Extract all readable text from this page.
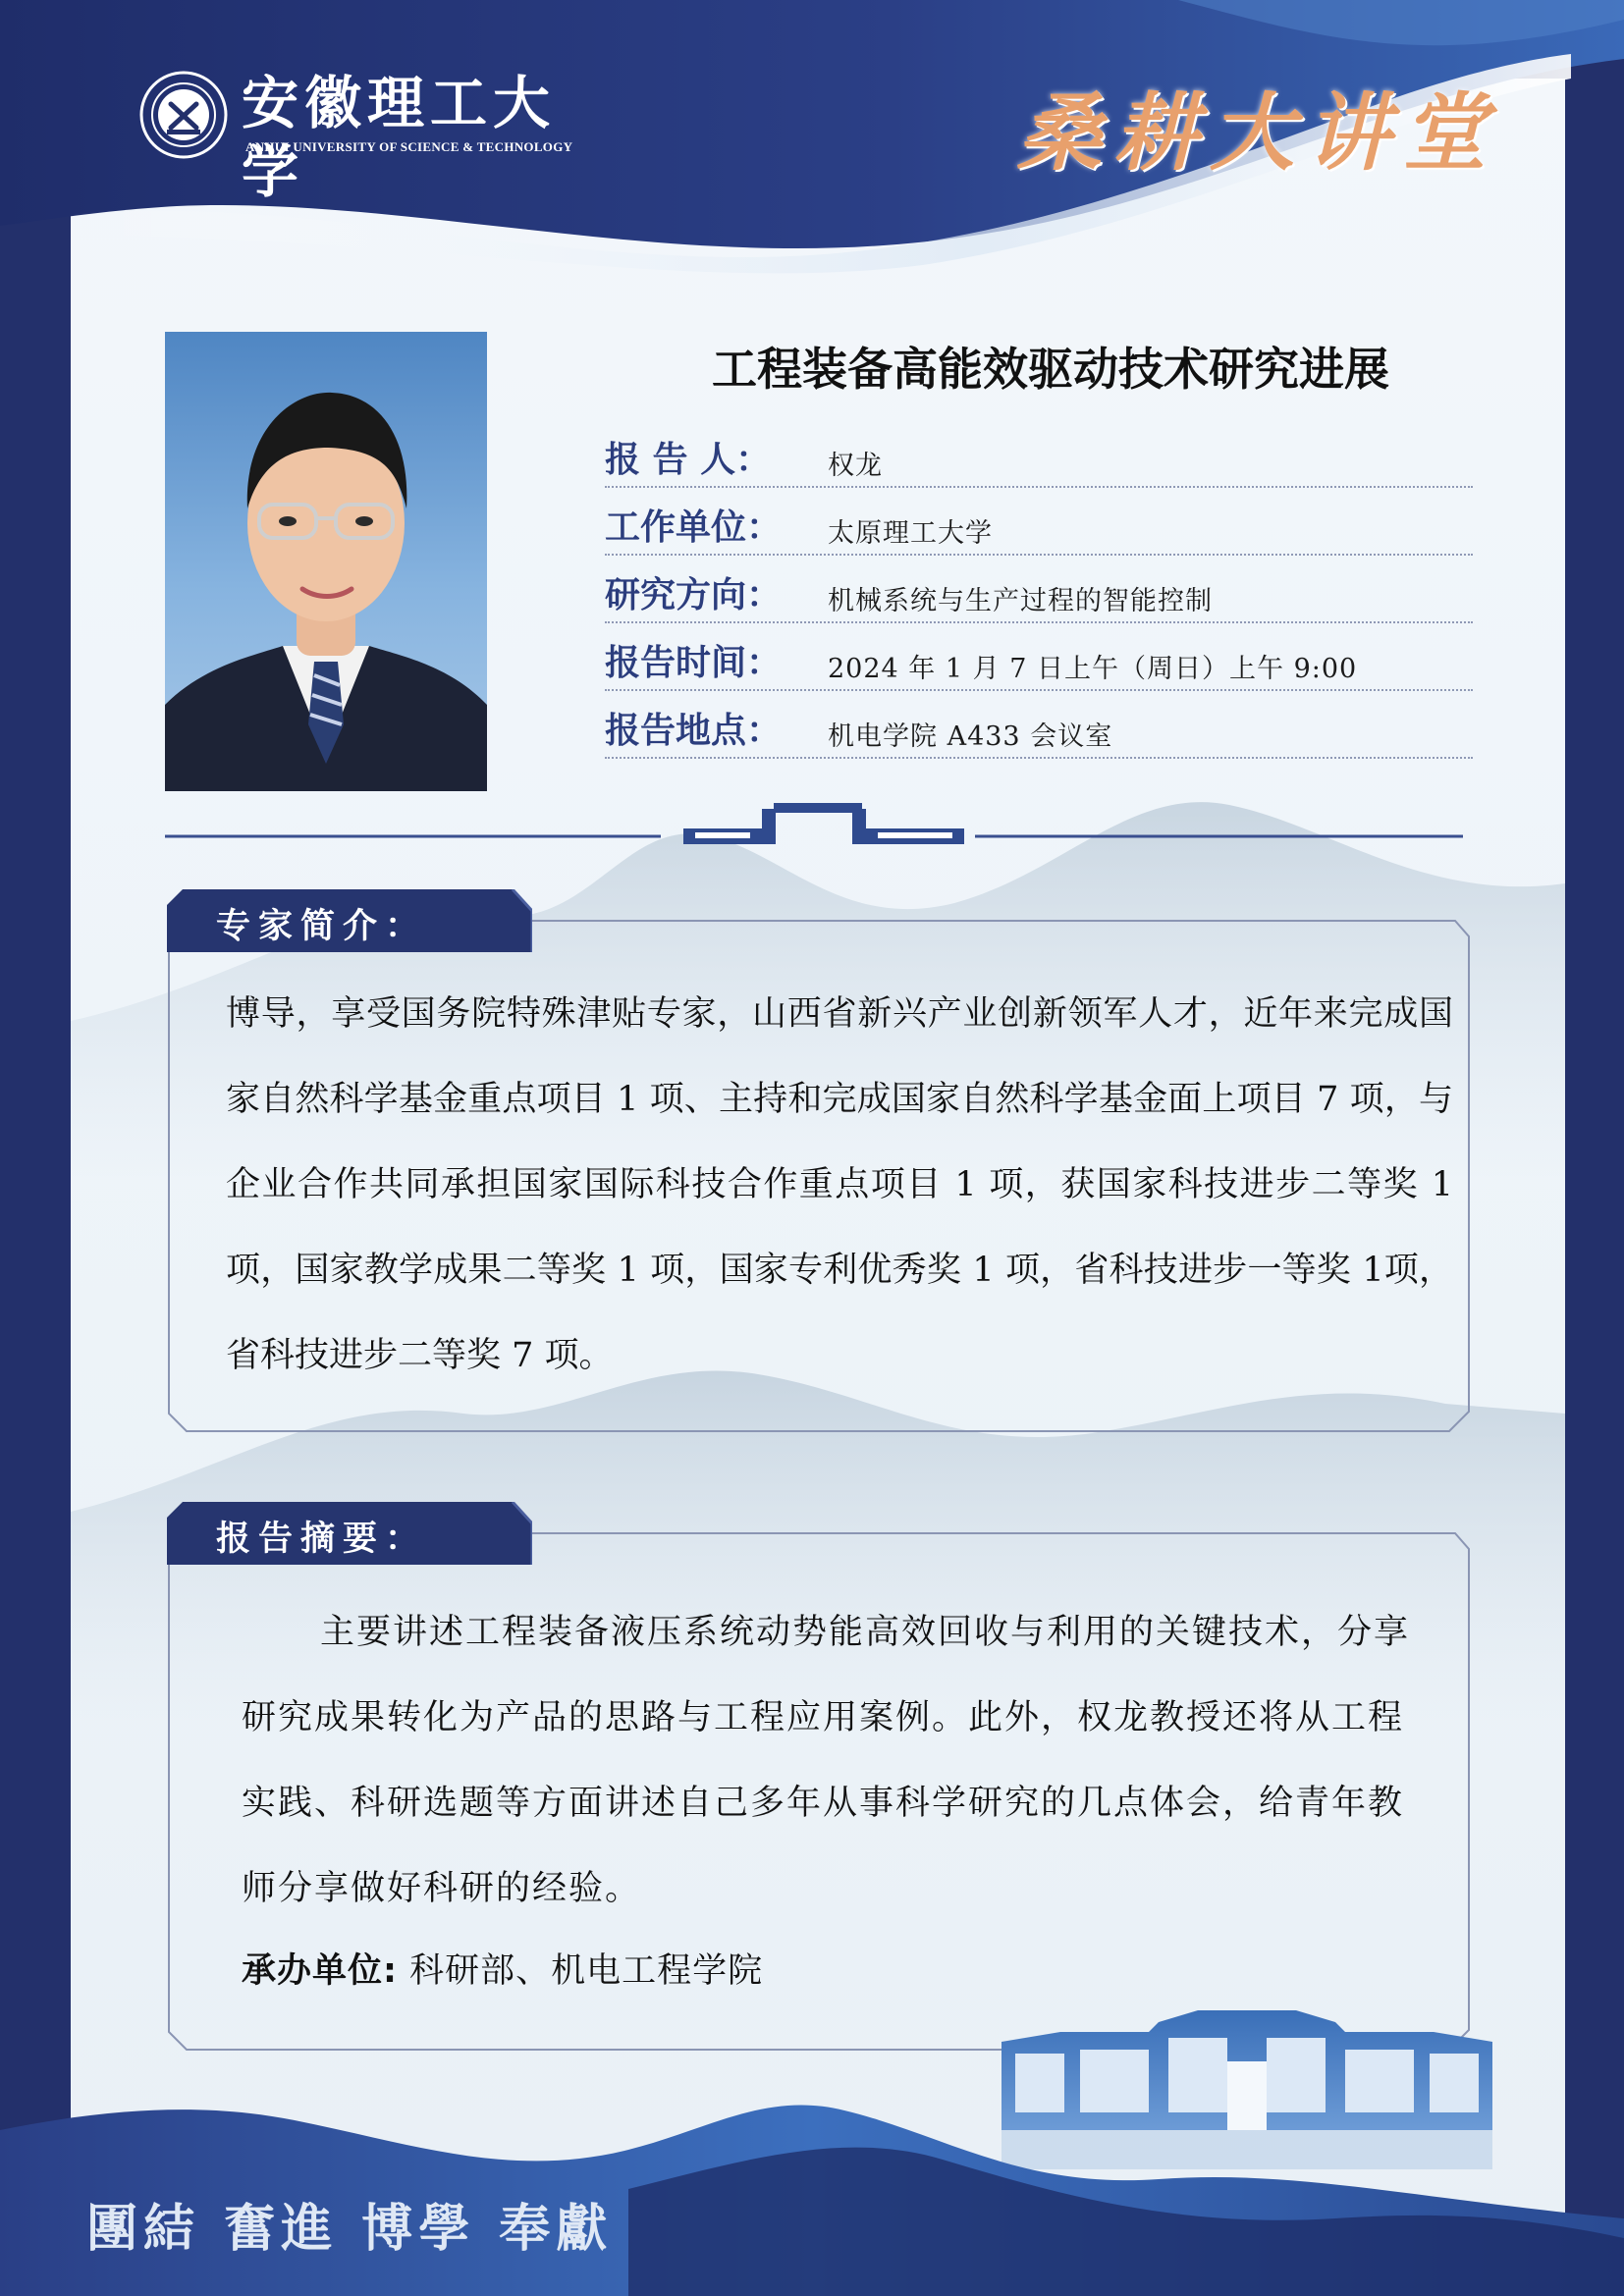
安徽理工大学
ANHUI UNIVERSITY OF SCIENCE & TECHNOLOGY	桑耕大讲堂
工程装备高能效驱动技术研究进展
报 告 人：	权龙
工作单位：	太原理工大学
研究方向：	机械系统与生产过程的智能控制
报告时间：	2024 年 1 月 7 日上午（周日）上午 9:00
报告地点：	机电学院 A433 会议室
专家简介：
博导，享受国务院特殊津贴专家，山西省新兴产业创新领军人才，近年来完成国家自然科学基金重点项目 1 项、主持和完成国家自然科学基金面上项目 7 项，与企业合作共同承担国家国际科技合作重点项目 1 项，获国家科技进步二等奖 1 项，国家教学成果二等奖 1 项，国家专利优秀奖 1 项，省科技进步一等奖 1项，省科技进步二等奖 7 项。
报告摘要：
主要讲述工程装备液压系统动势能高效回收与利用的关键技术，分享研究成果转化为产品的思路与工程应用案例。此外，权龙教授还将从工程实践、科研选题等方面讲述自己多年从事科学研究的几点体会，给青年教师分享做好科研的经验。
承办单位: 科研部、机电工程学院
團結 奮進 博學 奉獻
